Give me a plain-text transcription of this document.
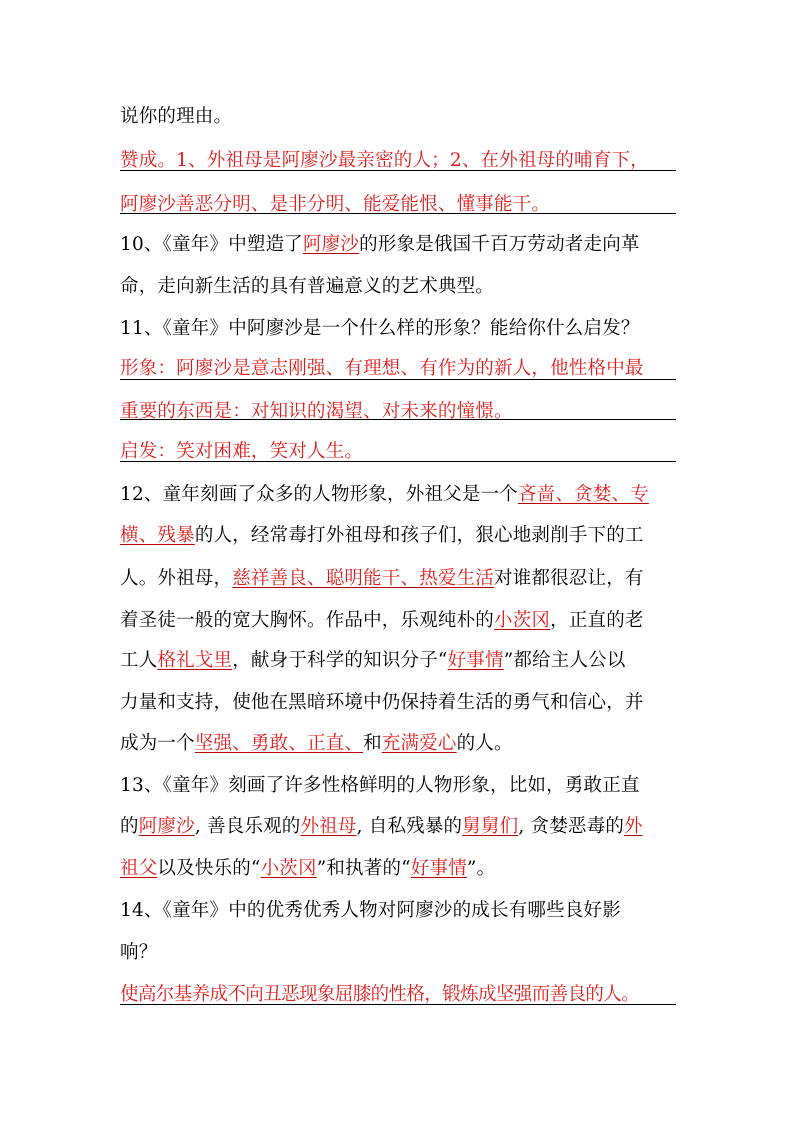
说你的理由。
赞成。1、外祖母是阿廖沙最亲密的人；2、在外祖母的哺育下，
阿廖沙善恶分明、是非分明、能爱能恨、懂事能干。
10、《童年》中塑造了阿廖沙的形象是俄国千百万劳动者走向革
命，走向新生活的具有普遍意义的艺术典型。
11、《童年》中阿廖沙是一个什么样的形象？能给你什么启发？
形象：阿廖沙是意志刚强、有理想、有作为的新人，他性格中最
重要的东西是：对知识的渴望、对未来的憧憬。
启发：笑对困难，笑对人生。
12、童年刻画了众多的人物形象，外祖父是一个吝啬、贪婪、专
横、残暴的人，经常毒打外祖母和孩子们，狠心地剥削手下的工
人。外祖母，慈祥善良、聪明能干、热爱生活对谁都很忍让，有
着圣徒一般的宽大胸怀。作品中，乐观纯朴的小茨冈，正直的老
工人格礼戈里，献身于科学的知识分子“好事情”都给主人公以
力量和支持，使他在黑暗环境中仍保持着生活的勇气和信心，并
成为一个坚强、勇敢、正直、和充满爱心的人。
13、《童年》刻画了许多性格鲜明的人物形象，比如，勇敢正直
的阿廖沙, 善良乐观的外祖母, 自私残暴的舅舅们, 贪婪恶毒的外
祖父以及快乐的“小茨冈”和执著的“好事情”。
14、《童年》中的优秀优秀人物对阿廖沙的成长有哪些良好影
响？
使高尔基养成不向丑恶现象屈膝的性格，锻炼成坚强而善良的人。
